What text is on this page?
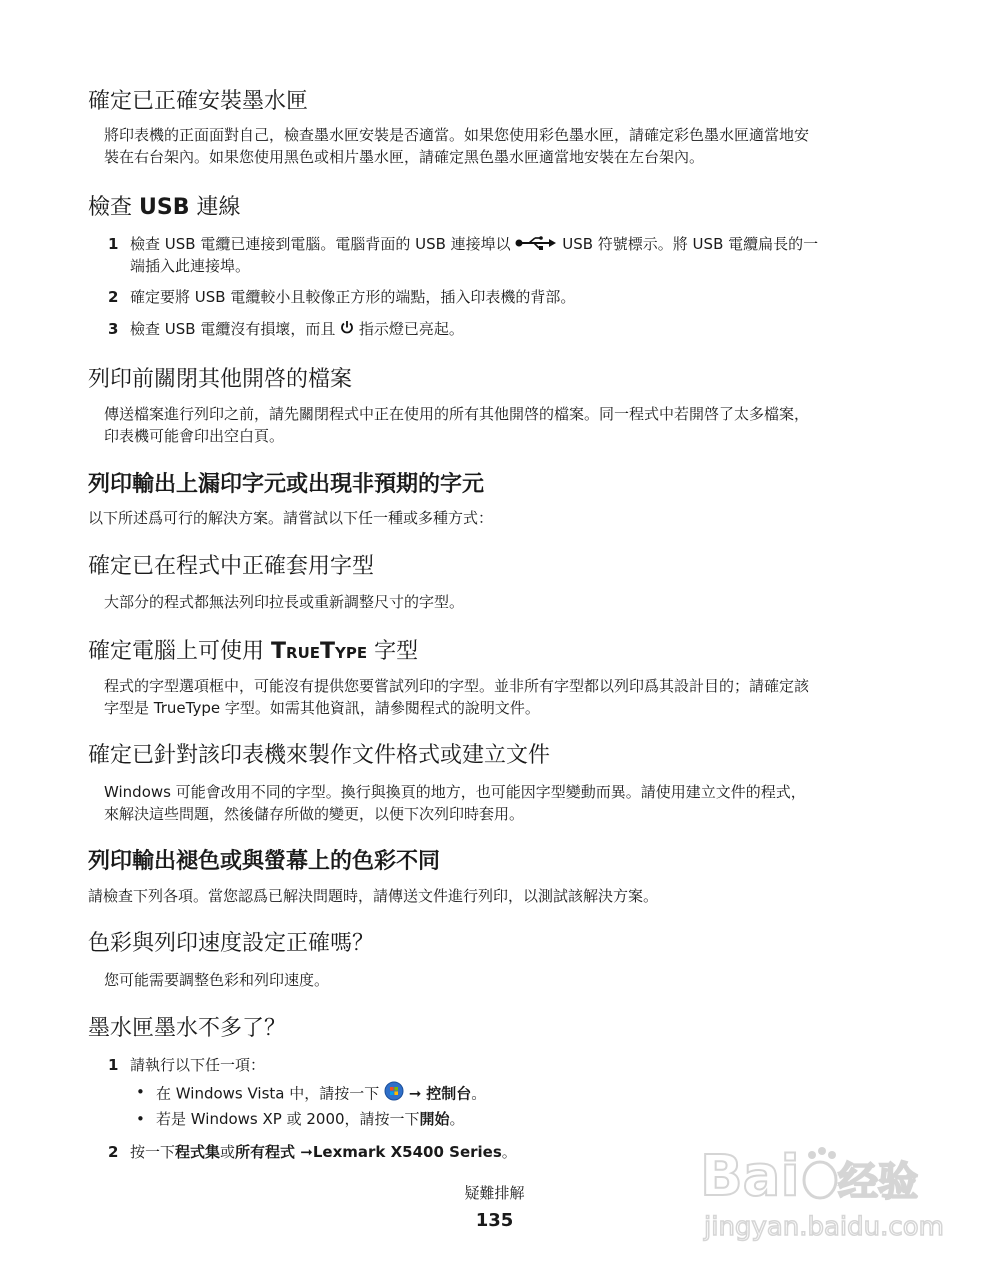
確定已正確安裝墨水匣

將印表機的正面面對自己，檢查墨水匣安裝是否適當。如果您使用彩色墨水匣，請確定彩色墨水匣適當地安

裝在右台架內。如果您使用黑色或相片墨水匣，請確定黑色墨水匣適當地安裝在左台架內。

檢查 USB 連線
1 檢查 USB 電纜已連接到電腦。電腦背面的 USB 連接埠以	USB 符號標示。將 USB 電纜扁長的一
端插入此連接埠。
2 確定要將 USB 電纜較小且較像正方形的端點，插入印表機的背部。
3 檢查 USB 電纜沒有損壞，而且 指示燈已亮起。
列印前關閉其他開啓的檔案

傳送檔案進行列印之前，請先關閉程式中正在使用的所有其他開啓的檔案。同一程式中若開啓了太多檔案，

印表機可能會印出空白頁。

列印輸出上漏印字元或出現非預期的字元

以下所述爲可行的解決方案。請嘗試以下任一種或多種方式：

確定已在程式中正確套用字型

大部分的程式都無法列印拉長或重新調整尺寸的字型。

確定電腦上可使用 TRUETYPE 字型

程式的字型選項框中，可能沒有提供您要嘗試列印的字型。並非所有字型都以列印爲其設計目的；請確定該

字型是 TrueType 字型。如需其他資訊，請參閱程式的說明文件。

確定已針對該印表機來製作文件格式或建立文件

Windows 可能會改用不同的字型。換行與換頁的地方，也可能因字型變動而異。請使用建立文件的程式，

來解決這些問題，然後儲存所做的變更，以便下次列印時套用。

列印輸出褪色或與螢幕上的色彩不同

請檢查下列各項。當您認爲已解決問題時，請傳送文件進行列印，以測試該解決方案。

色彩與列印速度設定正確嗎？

您可能需要調整色彩和列印速度。

墨水匣墨水不多了？
1 請執行以下任一項：
• 在 Windows Vista 中，請按一下 ➞ 控制台。
• 若是 Windows XP 或 2000，請按一下開始。
2 按一下程式集或所有程式 ➞Lexmark X5400 Series。
疑難排解
135
Bai 经验
jingyan.baidu.com
